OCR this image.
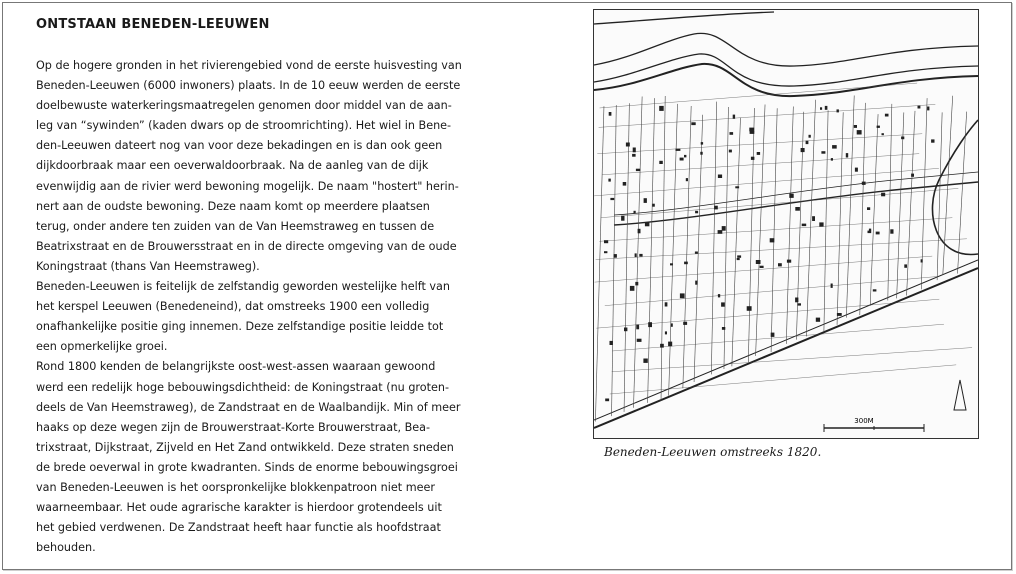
ONTSTAAN BENEDEN-LEEUWEN
Op de hogere gronden in het rivierengebied vond de eerste huisvesting van
Beneden-Leeuwen (6000 inwoners) plaats. In de 10 eeuw werden de eerste
doelbewuste waterkeringsmaatregelen genomen door middel van de aan-
leg van “sywinden” (kaden dwars op de stroomrichting). Het wiel in Bene-
den-Leeuwen dateert nog van voor deze bekadingen en is dan ook geen
dijkdoorbraak maar een oeverwaldoorbraak. Na de aanleg van de dijk
evenwijdig aan de rivier werd bewoning mogelijk. De naam "hostert" herin-
nert aan de oudste bewoning. Deze naam komt op meerdere plaatsen
terug, onder andere ten zuiden van de Van Heemstraweg en tussen de
Beatrixstraat en de Brouwersstraat en in de directe omgeving van de oude
Koningstraat (thans Van Heemstraweg).
Beneden-Leeuwen is feitelijk de zelfstandig geworden westelijke helft van
het kerspel Leeuwen (Benedeneind), dat omstreeks 1900 een volledig
onafhankelijke positie ging innemen. Deze zelfstandige positie leidde tot
een opmerkelijke groei.
Rond 1800 kenden de belangrijkste oost-west-assen waaraan gewoond
werd een redelijk hoge bebouwingsdichtheid: de Koningstraat (nu groten-
deels de Van Heemstraweg), de Zandstraat en de Waalbandijk. Min of meer
haaks op deze wegen zijn de Brouwerstraat-Korte Brouwerstraat, Bea-
trixstraat, Dijkstraat, Zijveld en Het Zand ontwikkeld. Deze straten sneden
de brede oeverwal in grote kwadranten. Sinds de enorme bebouwingsgroei
van Beneden-Leeuwen is het oorspronkelijke blokkenpatroon niet meer
waarneembaar. Het oude agrarische karakter is hierdoor grotendeels uit
het gebied verdwenen. De Zandstraat heeft haar functie als hoofdstraat
behouden.
300M
Beneden-Leeuwen omstreeks 1820.
